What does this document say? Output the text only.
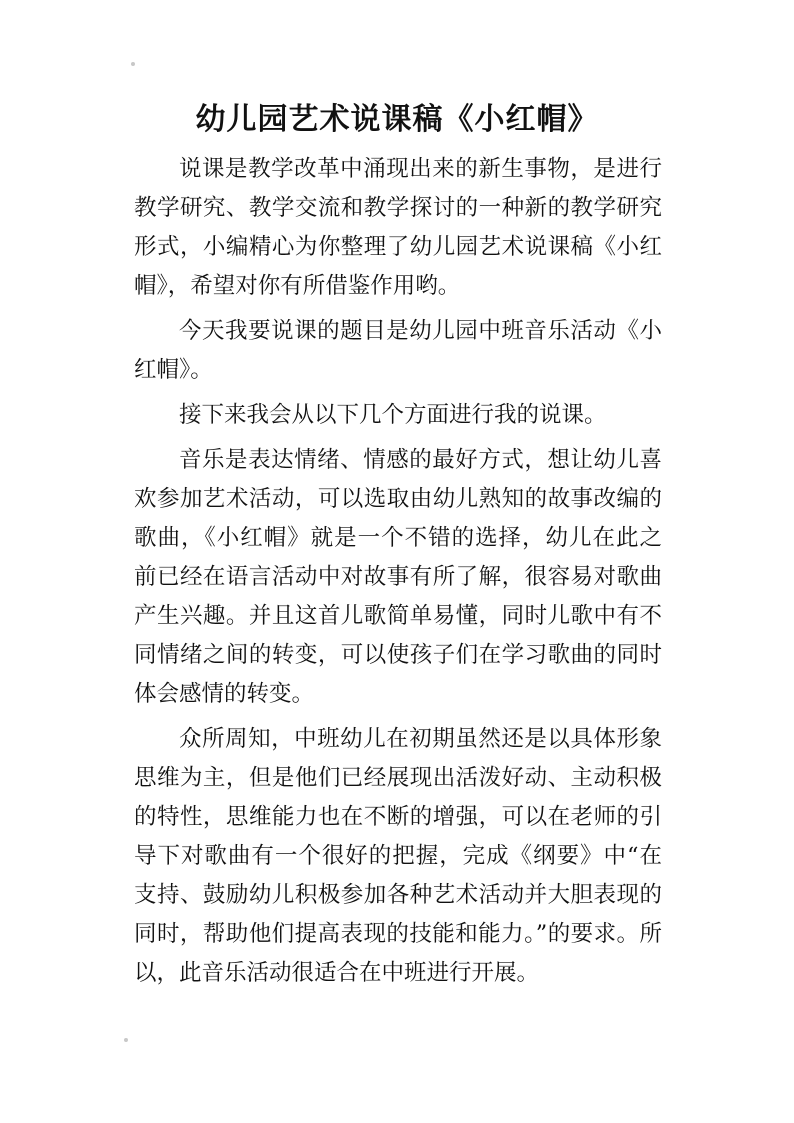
幼儿园艺术说课稿《小红帽》

说课是教学改革中涌现出来的新生事物，是进行教学研究、教学交流和教学探讨的一种新的教学研究形式，小编精心为你整理了幼儿园艺术说课稿《小红帽》，希望对你有所借鉴作用哟。

今天我要说课的题目是幼儿园中班音乐活动《小红帽》。

接下来我会从以下几个方面进行我的说课。

音乐是表达情绪、情感的最好方式，想让幼儿喜欢参加艺术活动，可以选取由幼儿熟知的故事改编的歌曲，《小红帽》就是一个不错的选择，幼儿在此之前已经在语言活动中对故事有所了解，很容易对歌曲产生兴趣。并且这首儿歌简单易懂，同时儿歌中有不同情绪之间的转变，可以使孩子们在学习歌曲的同时体会感情的转变。

众所周知，中班幼儿在初期虽然还是以具体形象思维为主，但是他们已经展现出活泼好动、主动积极的特性，思维能力也在不断的增强，可以在老师的引导下对歌曲有一个很好的把握，完成《纲要》中“在支持、鼓励幼儿积极参加各种艺术活动并大胆表现的同时，帮助他们提高表现的技能和能力。”的要求。所以，此音乐活动很适合在中班进行开展。
